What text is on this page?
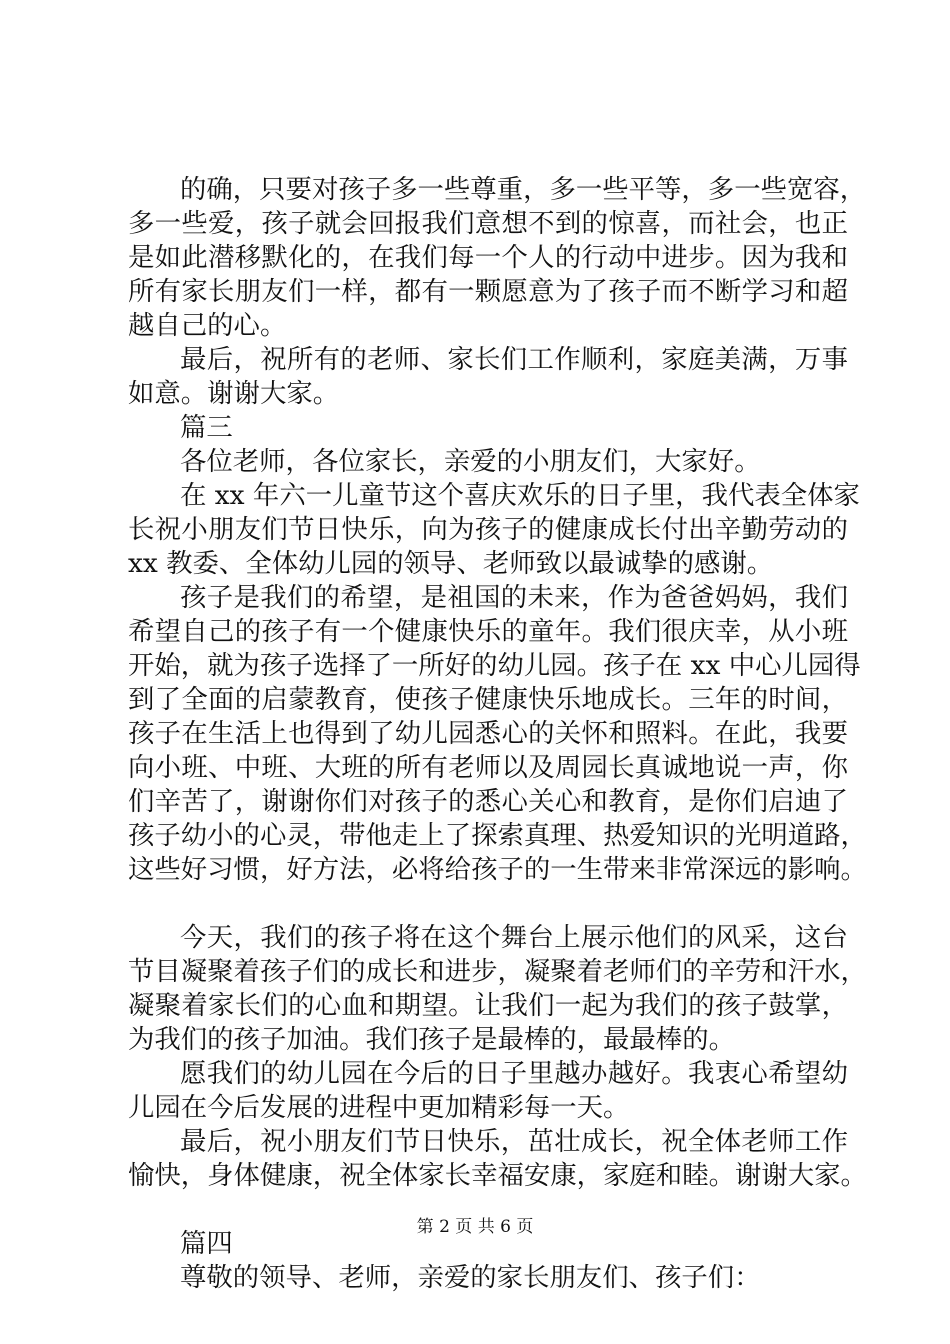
的确，只要对孩子多一些尊重，多一些平等，多一些宽容，
多一些爱，孩子就会回报我们意想不到的惊喜，而社会，也正
是如此潜移默化的，在我们每一个人的行动中进步。因为我和
所有家长朋友们一样，都有一颗愿意为了孩子而不断学习和超
越自己的心。
最后，祝所有的老师、家长们工作顺利，家庭美满，万事
如意。谢谢大家。
篇三
各位老师，各位家长，亲爱的小朋友们，大家好。
在 xx 年六一儿童节这个喜庆欢乐的日子里，我代表全体家
长祝小朋友们节日快乐，向为孩子的健康成长付出辛勤劳动的
xx 教委、全体幼儿园的领导、老师致以最诚挚的感谢。
孩子是我们的希望，是祖国的未来，作为爸爸妈妈，我们
希望自己的孩子有一个健康快乐的童年。我们很庆幸，从小班
开始，就为孩子选择了一所好的幼儿园。孩子在 xx 中心儿园得
到了全面的启蒙教育，使孩子健康快乐地成长。三年的时间，
孩子在生活上也得到了幼儿园悉心的关怀和照料。在此，我要
向小班、中班、大班的所有老师以及周园长真诚地说一声，你
们辛苦了，谢谢你们对孩子的悉心关心和教育，是你们启迪了
孩子幼小的心灵，带他走上了探索真理、热爱知识的光明道路，
这些好习惯，好方法，必将给孩子的一生带来非常深远的影响。
今天，我们的孩子将在这个舞台上展示他们的风采，这台
节目凝聚着孩子们的成长和进步，凝聚着老师们的辛劳和汗水，
凝聚着家长们的心血和期望。让我们一起为我们的孩子鼓掌，
为我们的孩子加油。我们孩子是最棒的，最最棒的。
愿我们的幼儿园在今后的日子里越办越好。我衷心希望幼
儿园在今后发展的进程中更加精彩每一天。
最后，祝小朋友们节日快乐，茁壮成长，祝全体老师工作
愉快，身体健康，祝全体家长幸福安康，家庭和睦。谢谢大家。
篇四
尊敬的领导、老师，亲爱的家长朋友们、孩子们：
第 2 页 共 6 页
